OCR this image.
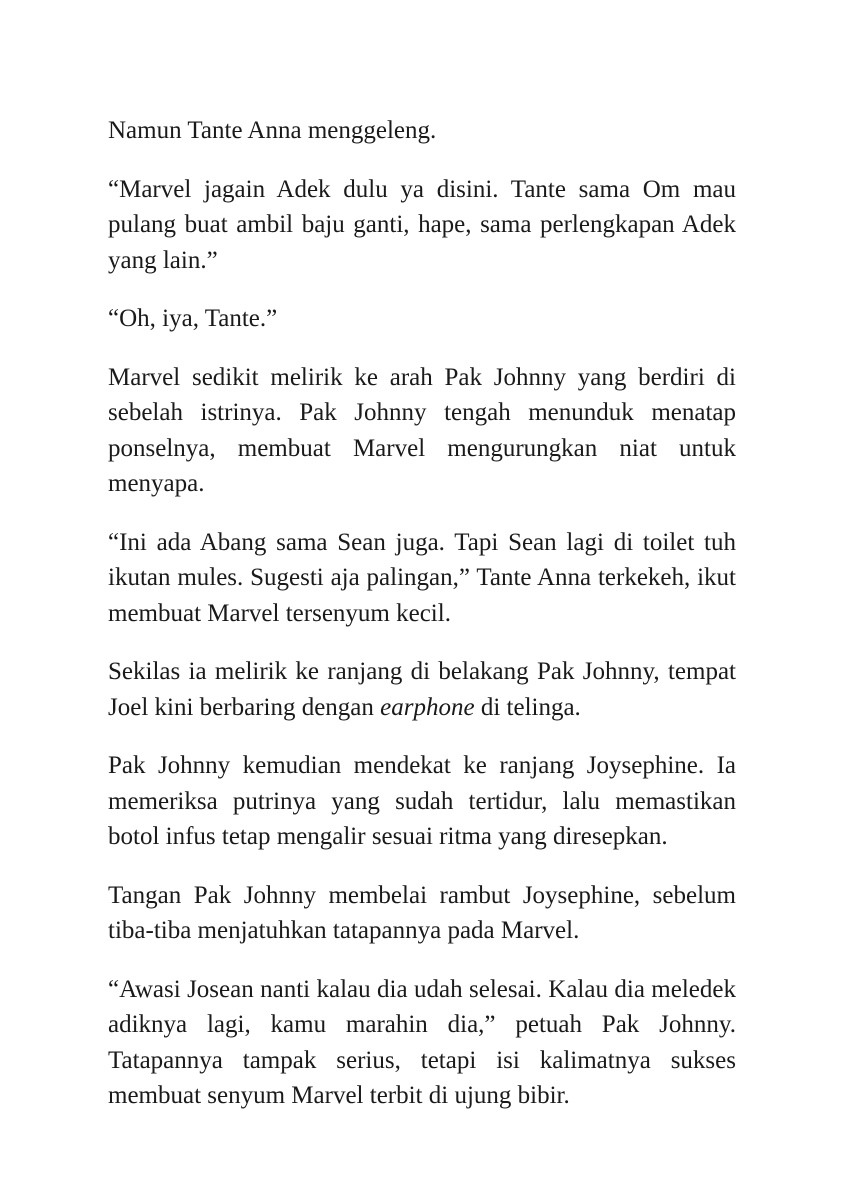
Namun Tante Anna menggeleng.

“Marvel jagain Adek dulu ya disini. Tante sama Om mau pulang buat ambil baju ganti, hape, sama perlengkapan Adek yang lain.”

“Oh, iya, Tante.”

Marvel sedikit melirik ke arah Pak Johnny yang berdiri di sebelah istrinya. Pak Johnny tengah menunduk menatap ponselnya, membuat Marvel mengurungkan niat untuk menyapa.

“Ini ada Abang sama Sean juga. Tapi Sean lagi di toilet tuh ikutan mules. Sugesti aja palingan,” Tante Anna terkekeh, ikut membuat Marvel tersenyum kecil.

Sekilas ia melirik ke ranjang di belakang Pak Johnny, tempat Joel kini berbaring dengan earphone di telinga.

Pak Johnny kemudian mendekat ke ranjang Joysephine. Ia memeriksa putrinya yang sudah tertidur, lalu memastikan botol infus tetap mengalir sesuai ritma yang diresepkan.

Tangan Pak Johnny membelai rambut Joysephine, sebelum tiba-tiba menjatuhkan tatapannya pada Marvel.

“Awasi Josean nanti kalau dia udah selesai. Kalau dia meledek adiknya lagi, kamu marahin dia,” petuah Pak Johnny. Tatapannya tampak serius, tetapi isi kalimatnya sukses membuat senyum Marvel terbit di ujung bibir.
